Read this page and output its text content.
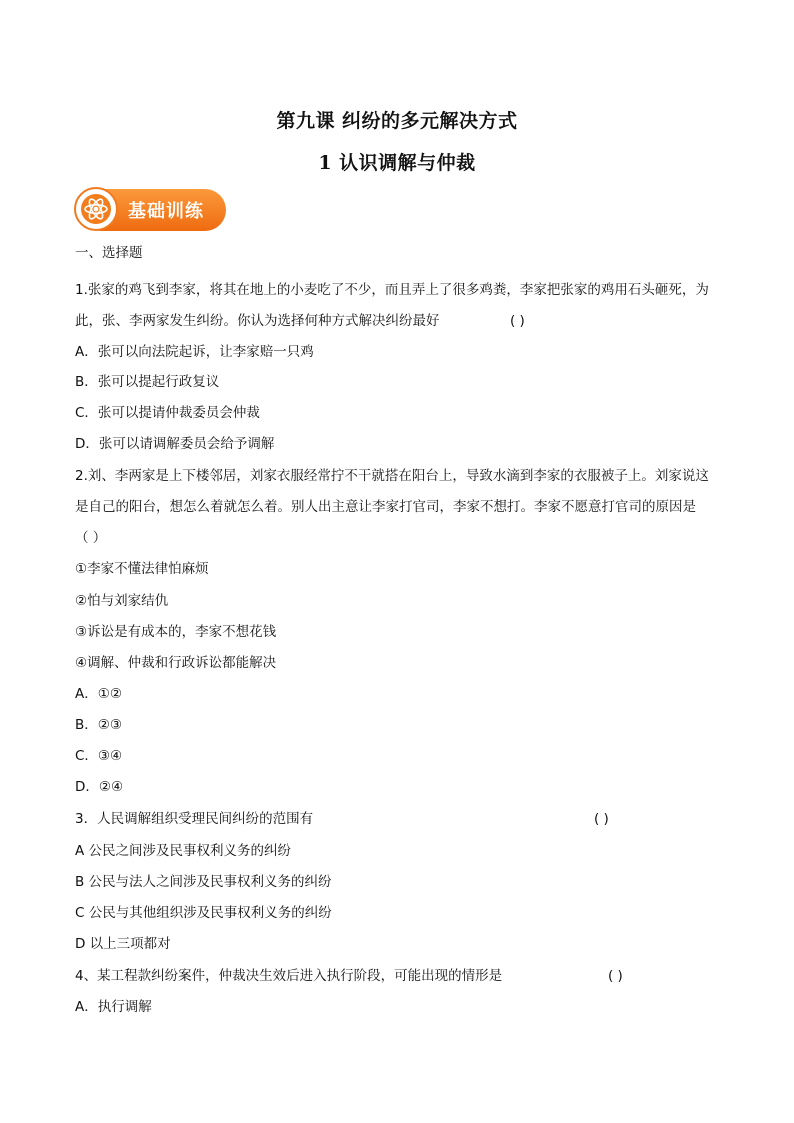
第九课 纠纷的多元解决方式
1 认识调解与仲裁
基础训练
一、选择题
1.张家的鸡飞到李家，将其在地上的小麦吃了不少，而且弄上了很多鸡粪，李家把张家的鸡用石头砸死，为
此，张、李两家发生纠纷。你认为选择何种方式解决纠纷最好	( )
A．张可以向法院起诉，让李家赔一只鸡
B．张可以提起行政复议
C．张可以提请仲裁委员会仲裁
D．张可以请调解委员会给予调解
2.刘、李两家是上下楼邻居，刘家衣服经常拧不干就搭在阳台上，导致水滴到李家的衣服被子上。刘家说这
是自己的阳台，想怎么着就怎么着。别人出主意让李家打官司，李家不想打。李家不愿意打官司的原因是
（ ）
①李家不懂法律怕麻烦
②怕与刘家结仇
③诉讼是有成本的，李家不想花钱
④调解、仲裁和行政诉讼都能解决
A．①②
B．②③
C．③④
D．②④
3．人民调解组织受理民间纠纷的范围有	( )
A 公民之间涉及民事权利义务的纠纷
B 公民与法人之间涉及民事权利义务的纠纷
C 公民与其他组织涉及民事权利义务的纠纷
D 以上三项都对
4、某工程款纠纷案件，仲裁决生效后进入执行阶段，可能出现的情形是	( )
A．执行调解
